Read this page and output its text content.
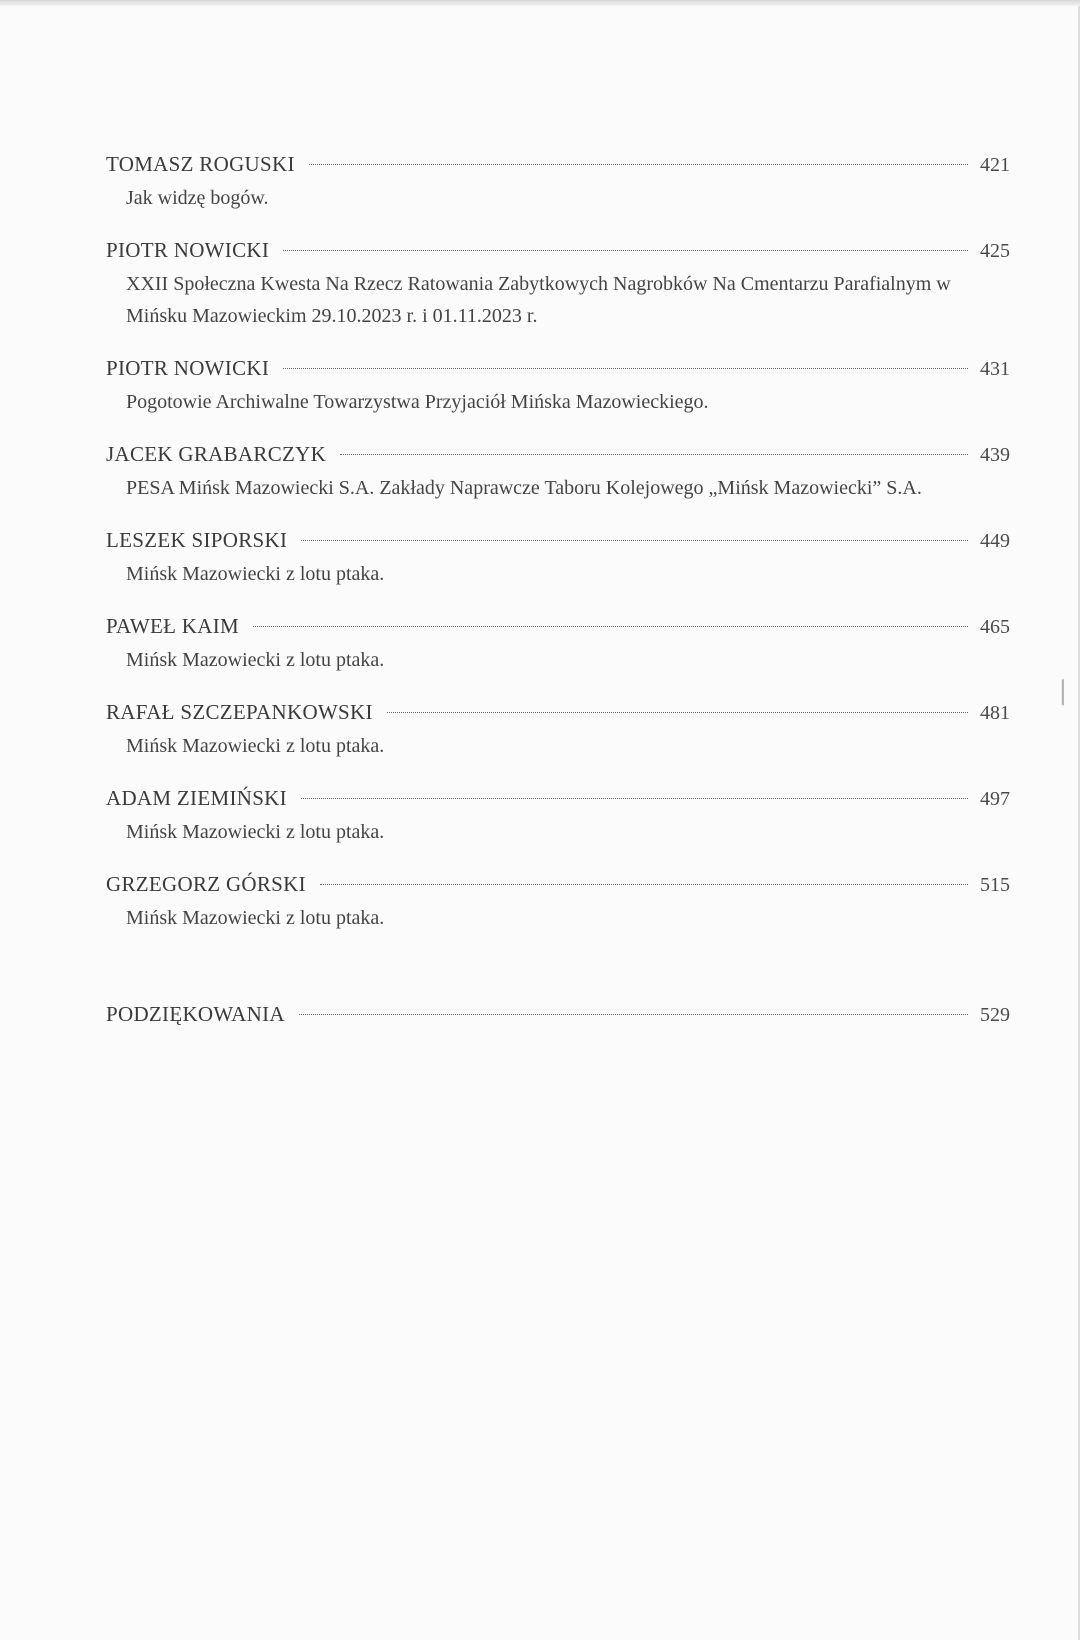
TOMASZ ROGUSKI	421
Jak widzę bogów.
PIOTR NOWICKI	425
XXII Społeczna Kwesta Na Rzecz Ratowania Zabytkowych Nagrobków Na Cmentarzu Parafialnym w Mińsku Mazowieckim 29.10.2023 r. i 01.11.2023 r.
PIOTR NOWICKI	431
Pogotowie Archiwalne Towarzystwa Przyjaciół Mińska Mazowieckiego.
JACEK GRABARCZYK	439
PESA Mińsk Mazowiecki S.A. Zakłady Naprawcze Taboru Kolejowego „Mińsk Mazowiecki” S.A.
LESZEK SIPORSKI	449
Mińsk Mazowiecki z lotu ptaka.
PAWEŁ KAIM	465
Mińsk Mazowiecki z lotu ptaka.
RAFAŁ SZCZEPANKOWSKI	481
Mińsk Mazowiecki z lotu ptaka.
ADAM ZIEMIŃSKI	497
Mińsk Mazowiecki z lotu ptaka.
GRZEGORZ GÓRSKI	515
Mińsk Mazowiecki z lotu ptaka.
PODZIĘKOWANIA	529
❘
